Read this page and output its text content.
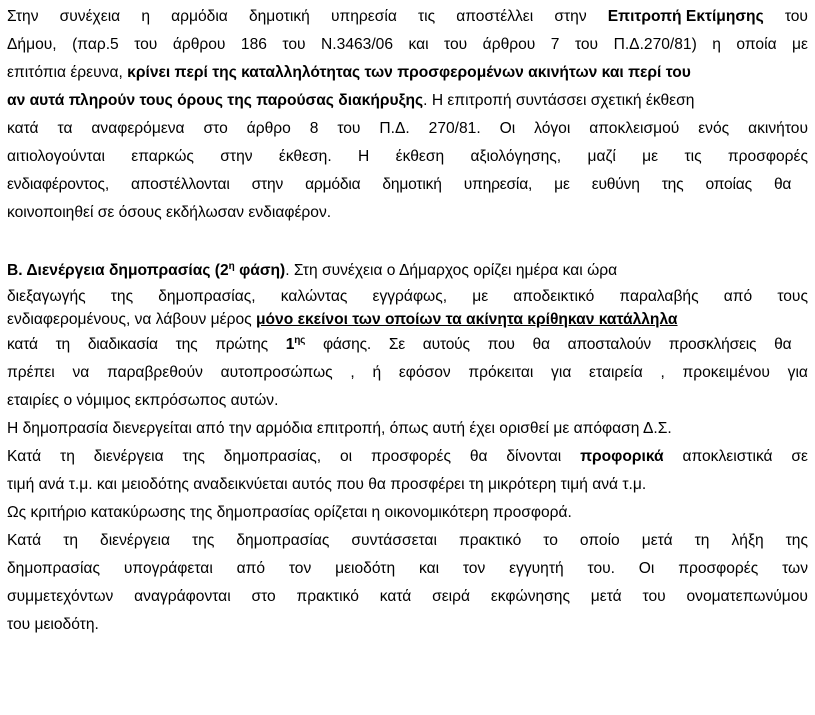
Στην συνέχεια η αρμόδια δημοτική υπηρεσία τις αποστέλλει στην Επιτροπή Εκτίμησης του
Δήμου, (παρ.5 του άρθρου 186 του Ν.3463/06 και του άρθρου 7 του Π.Δ.270/81) η οποία με
επιτόπια έρευνα, κρίνει περί της καταλληλότητας των προσφερομένων ακινήτων και περί του
αν αυτά πληρούν τους όρους της παρούσας διακήρυξης. Η επιτροπή συντάσσει σχετική έκθεση
κατά τα αναφερόμενα στο άρθρο 8 του Π.Δ. 270/81. Οι λόγοι αποκλεισμού ενός ακινήτου
αιτιολογούνται επαρκώς στην έκθεση. Η έκθεση αξιολόγησης, μαζί με τις προσφορές
ενδιαφέροντος, αποστέλλονται στην αρμόδια δημοτική υπηρεσία, με ευθύνη της οποίας θα
κοινοποιηθεί σε όσους εκδήλωσαν ενδιαφέρον.
Β. Διενέργεια δημοπρασίας ($2^\eta$ φάση). Στη συνέχεια ο Δήμαρχος ορίζει ημέρα και ώρα
διεξαγωγής της δημοπρασίας, καλώντας εγγράφως, με αποδεικτικό παραλαβής από τους
ενδιαφερομένους, να λάβουν μέρος μόνο εκείνοι των οποίων τα ακίνητα κρίθηκαν κατάλληλα
κατά τη διαδικασία της πρώτης $1^{\eta\varsigma}$ φάσης. Σε αυτούς που θα αποσταλούν προσκλήσεις θα
πρέπει να παραβρεθούν αυτοπροσώπως , ή εφόσον πρόκειται για εταιρεία , προκειμένου για
εταιρίες ο νόμιμος εκπρόσωπος αυτών.
Η δημοπρασία διενεργείται από την αρμόδια επιτροπή, όπως αυτή έχει ορισθεί με απόφαση Δ.Σ.
Κατά τη διενέργεια της δημοπρασίας, οι προσφορές θα δίνονται προφορικά αποκλειστικά σε
τιμή ανά τ.μ. και μειοδότης αναδεικνύεται αυτός που θα προσφέρει τη μικρότερη τιμή ανά τ.μ.
Ως κριτήριο κατακύρωσης της δημοπρασίας ορίζεται η οικονομικότερη προσφορά.
Κατά τη διενέργεια της δημοπρασίας συντάσσεται πρακτικό το οποίο μετά τη λήξη της
δημοπρασίας υπογράφεται από τον μειοδότη και τον εγγυητή του. Οι προσφορές των
συμμετεχόντων αναγράφονται στο πρακτικό κατά σειρά εκφώνησης μετά του ονοματεπωνύμου
του μειοδότη.
